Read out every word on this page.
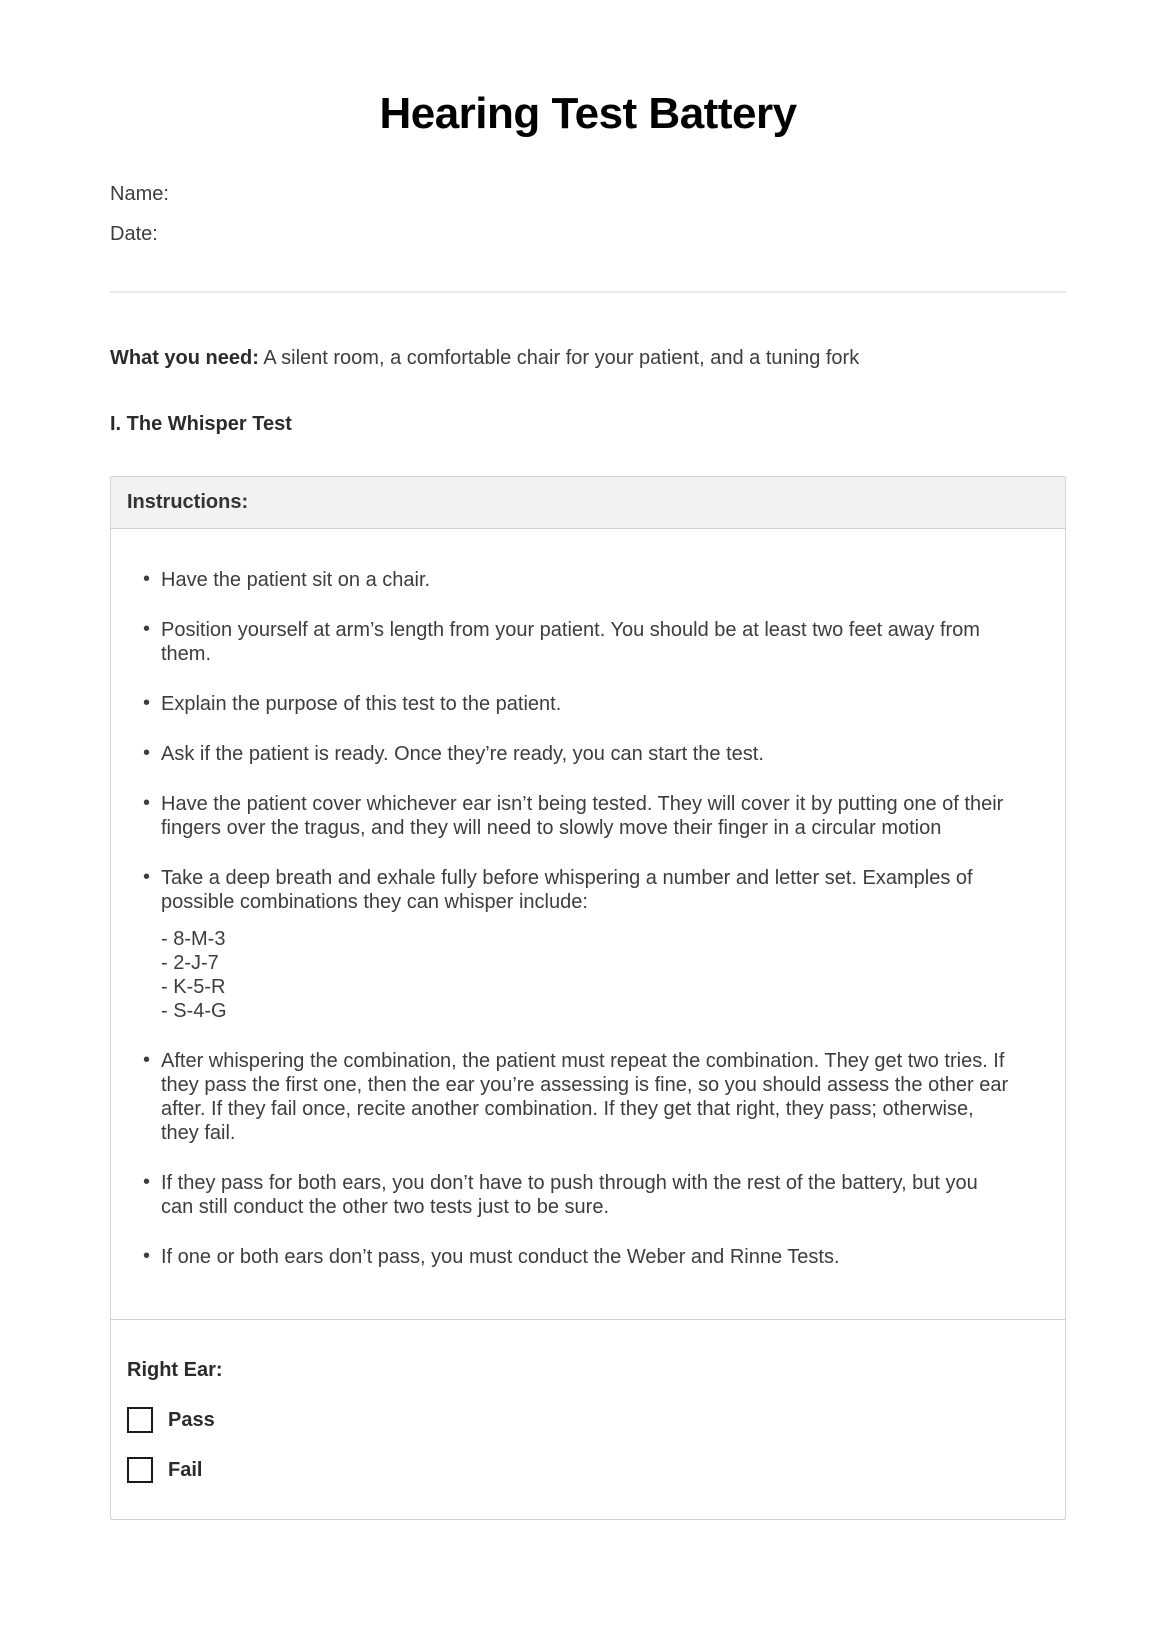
Hearing Test Battery
Name:
Date:

What you need: A silent room, a comfortable chair for your patient, and a tuning fork

I. The Whisper Test
Instructions:
• Have the patient sit on a chair.
• Position yourself at arm’s length from your patient. You should be at least two feet away from them.
• Explain the purpose of this test to the patient.
• Ask if the patient is ready. Once they’re ready, you can start the test.
• Have the patient cover whichever ear isn’t being tested. They will cover it by putting one of their fingers over the tragus, and they will need to slowly move their finger in a circular motion
• Take a deep breath and exhale fully before whispering a number and letter set. Examples of possible combinations they can whisper include:
- 8-M-3
- 2-J-7
- K-5-R
- S-4-G
• After whispering the combination, the patient must repeat the combination. They get two tries. If they pass the first one, then the ear you’re assessing is fine, so you should assess the other ear after. If they fail once, recite another combination. If they get that right, they pass; otherwise, they fail.
• If they pass for both ears, you don’t have to push through with the rest of the battery, but you can still conduct the other two tests just to be sure.
• If one or both ears don’t pass, you must conduct the Weber and Rinne Tests.
Right Ear:
Pass
Fail
